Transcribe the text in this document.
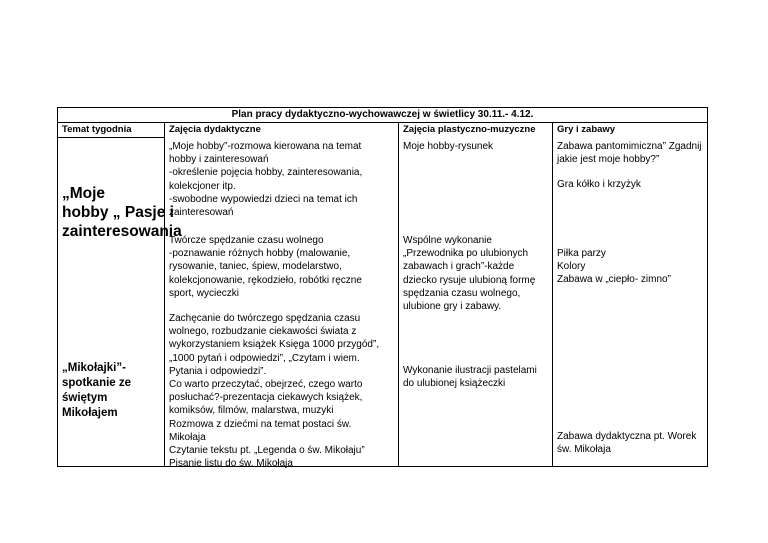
Plan pracy dydaktyczno-wychowawczej w świetlicy 30.11.- 4.12.
Temat tygodnia	Zajęcia dydaktyczne	Zajęcia plastyczno-muzyczne Gry i zabawy
„Moje
hobby „ Pasje i
zainteresowania
„Mikołajki”-
spotkanie ze
świętym
Mikołajem
„Moje hobby”-rozmowa kierowana na temat
hobby i zainteresowań
-określenie pojęcia hobby, zainteresowania,
kolekcjoner itp.
-swobodne wypowiedzi dzieci na temat ich
zainteresowań
Twórcze spędzanie czasu wolnego
-poznawanie różnych hobby (malowanie,
rysowanie, taniec, śpiew, modelarstwo,
kolekcjonowanie, rękodzieło, robótki ręczne
sport, wycieczki
Zachęcanie do twórczego spędzania czasu
wolnego, rozbudzanie ciekawości świata z
wykorzystaniem książek Księga 1000 przygód”,
„1000 pytań i odpowiedzi”, „Czytam i wiem.
Pytania i odpowiedzi”.
Co warto przeczytać, obejrzeć, czego warto
posłuchać?-prezentacja ciekawych książek,
komiksów, filmów, malarstwa, muzyki
Rozmowa z dziećmi na temat postaci św.
Mikołaja
Czytanie tekstu pt. „Legenda o św. Mikołaju”
Pisanie listu do św. Mikołaja
Moje hobby-rysunek
Wspólne wykonanie
„Przewodnika po ulubionych
zabawach i grach”-każde
dziecko rysuje ulubioną formę
spędzania czasu wolnego,
ulubione gry i zabawy.
Wykonanie ilustracji pastelami
do ulubionej książeczki
Zabawa pantomimiczna” Zgadnij
jakie jest moje hobby?”
Gra kółko i krzyżyk
Piłka parzy
Kolory
Zabawa w „ciepło- zimno”
Zabawa dydaktyczna pt. Worek
św. Mikołaja
